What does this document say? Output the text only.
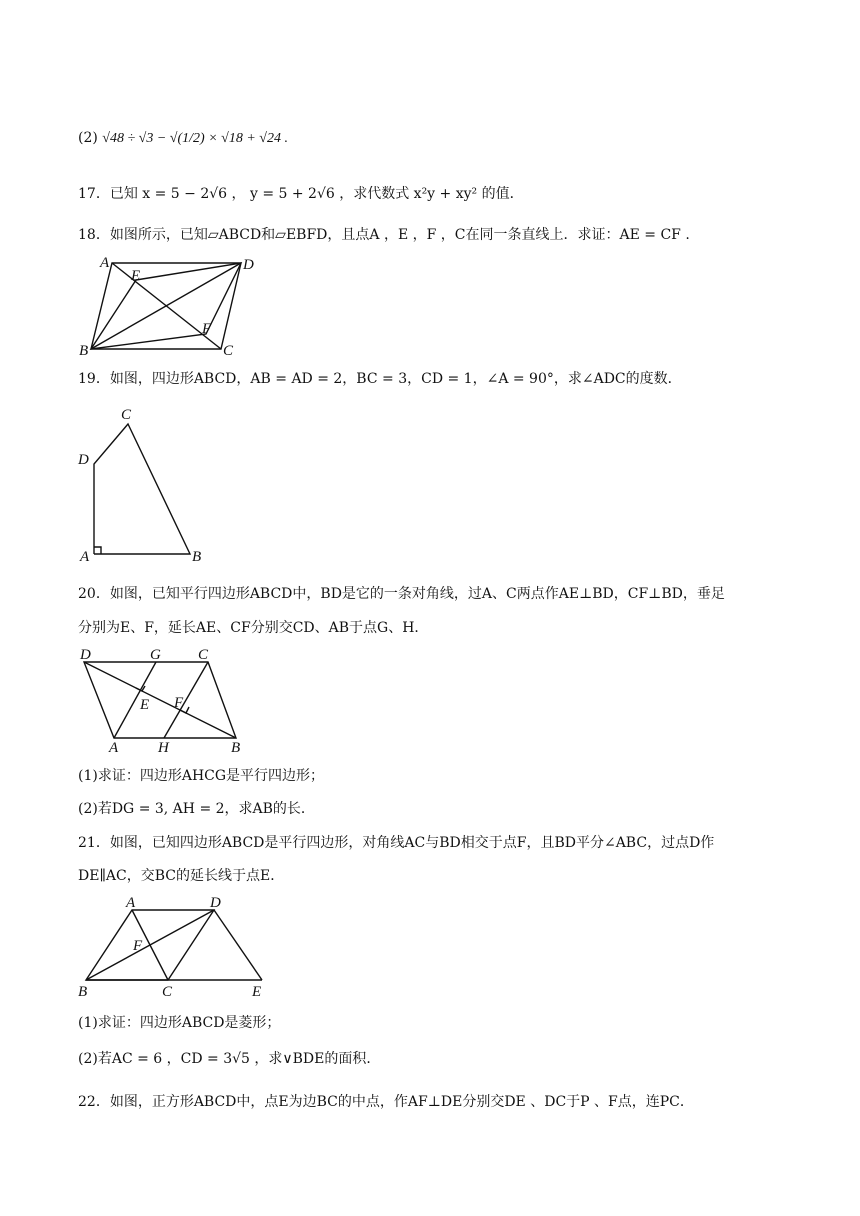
(2) √48 ÷ √3 − √(1/2) × √18 + √24 .
17．已知 x = 5 − 2√6 ， y = 5 + 2√6 ，求代数式 x²y + xy² 的值．
18．如图所示，已知▱ABCD和▱EBFD，且点A ，E ，F ，C在同一条直线上．求证：AE = CF .
A
E
D
F
B	C
19．如图，四边形ABCD，AB = AD = 2，BC = 3，CD = 1，∠A = 90°，求∠ADC的度数．
C
D
A	B
20．如图，已知平行四边形ABCD中，BD是它的一条对角线，过A、C两点作AE⊥BD，CF⊥BD，垂足
分别为E、F，延长AE、CF分别交CD、AB于点G、H．
D	G C
E F
A	H	B
(1)求证：四边形AHCG是平行四边形；
(2)若DG = 3, AH = 2，求AB的长．
21．如图，已知四边形ABCD是平行四边形，对角线AC与BD相交于点F，且BD平分∠ABC，过点D作
DE∥AC，交BC的延长线于点E．
A	D
F
B	C	E
(1)求证：四边形ABCD是菱形；
(2)若AC = 6 ，CD = 3√5 ，求∨BDE的面积．
22．如图，正方形ABCD中，点E为边BC的中点，作AF⊥DE分别交DE 、DC于P 、F点，连PC．
